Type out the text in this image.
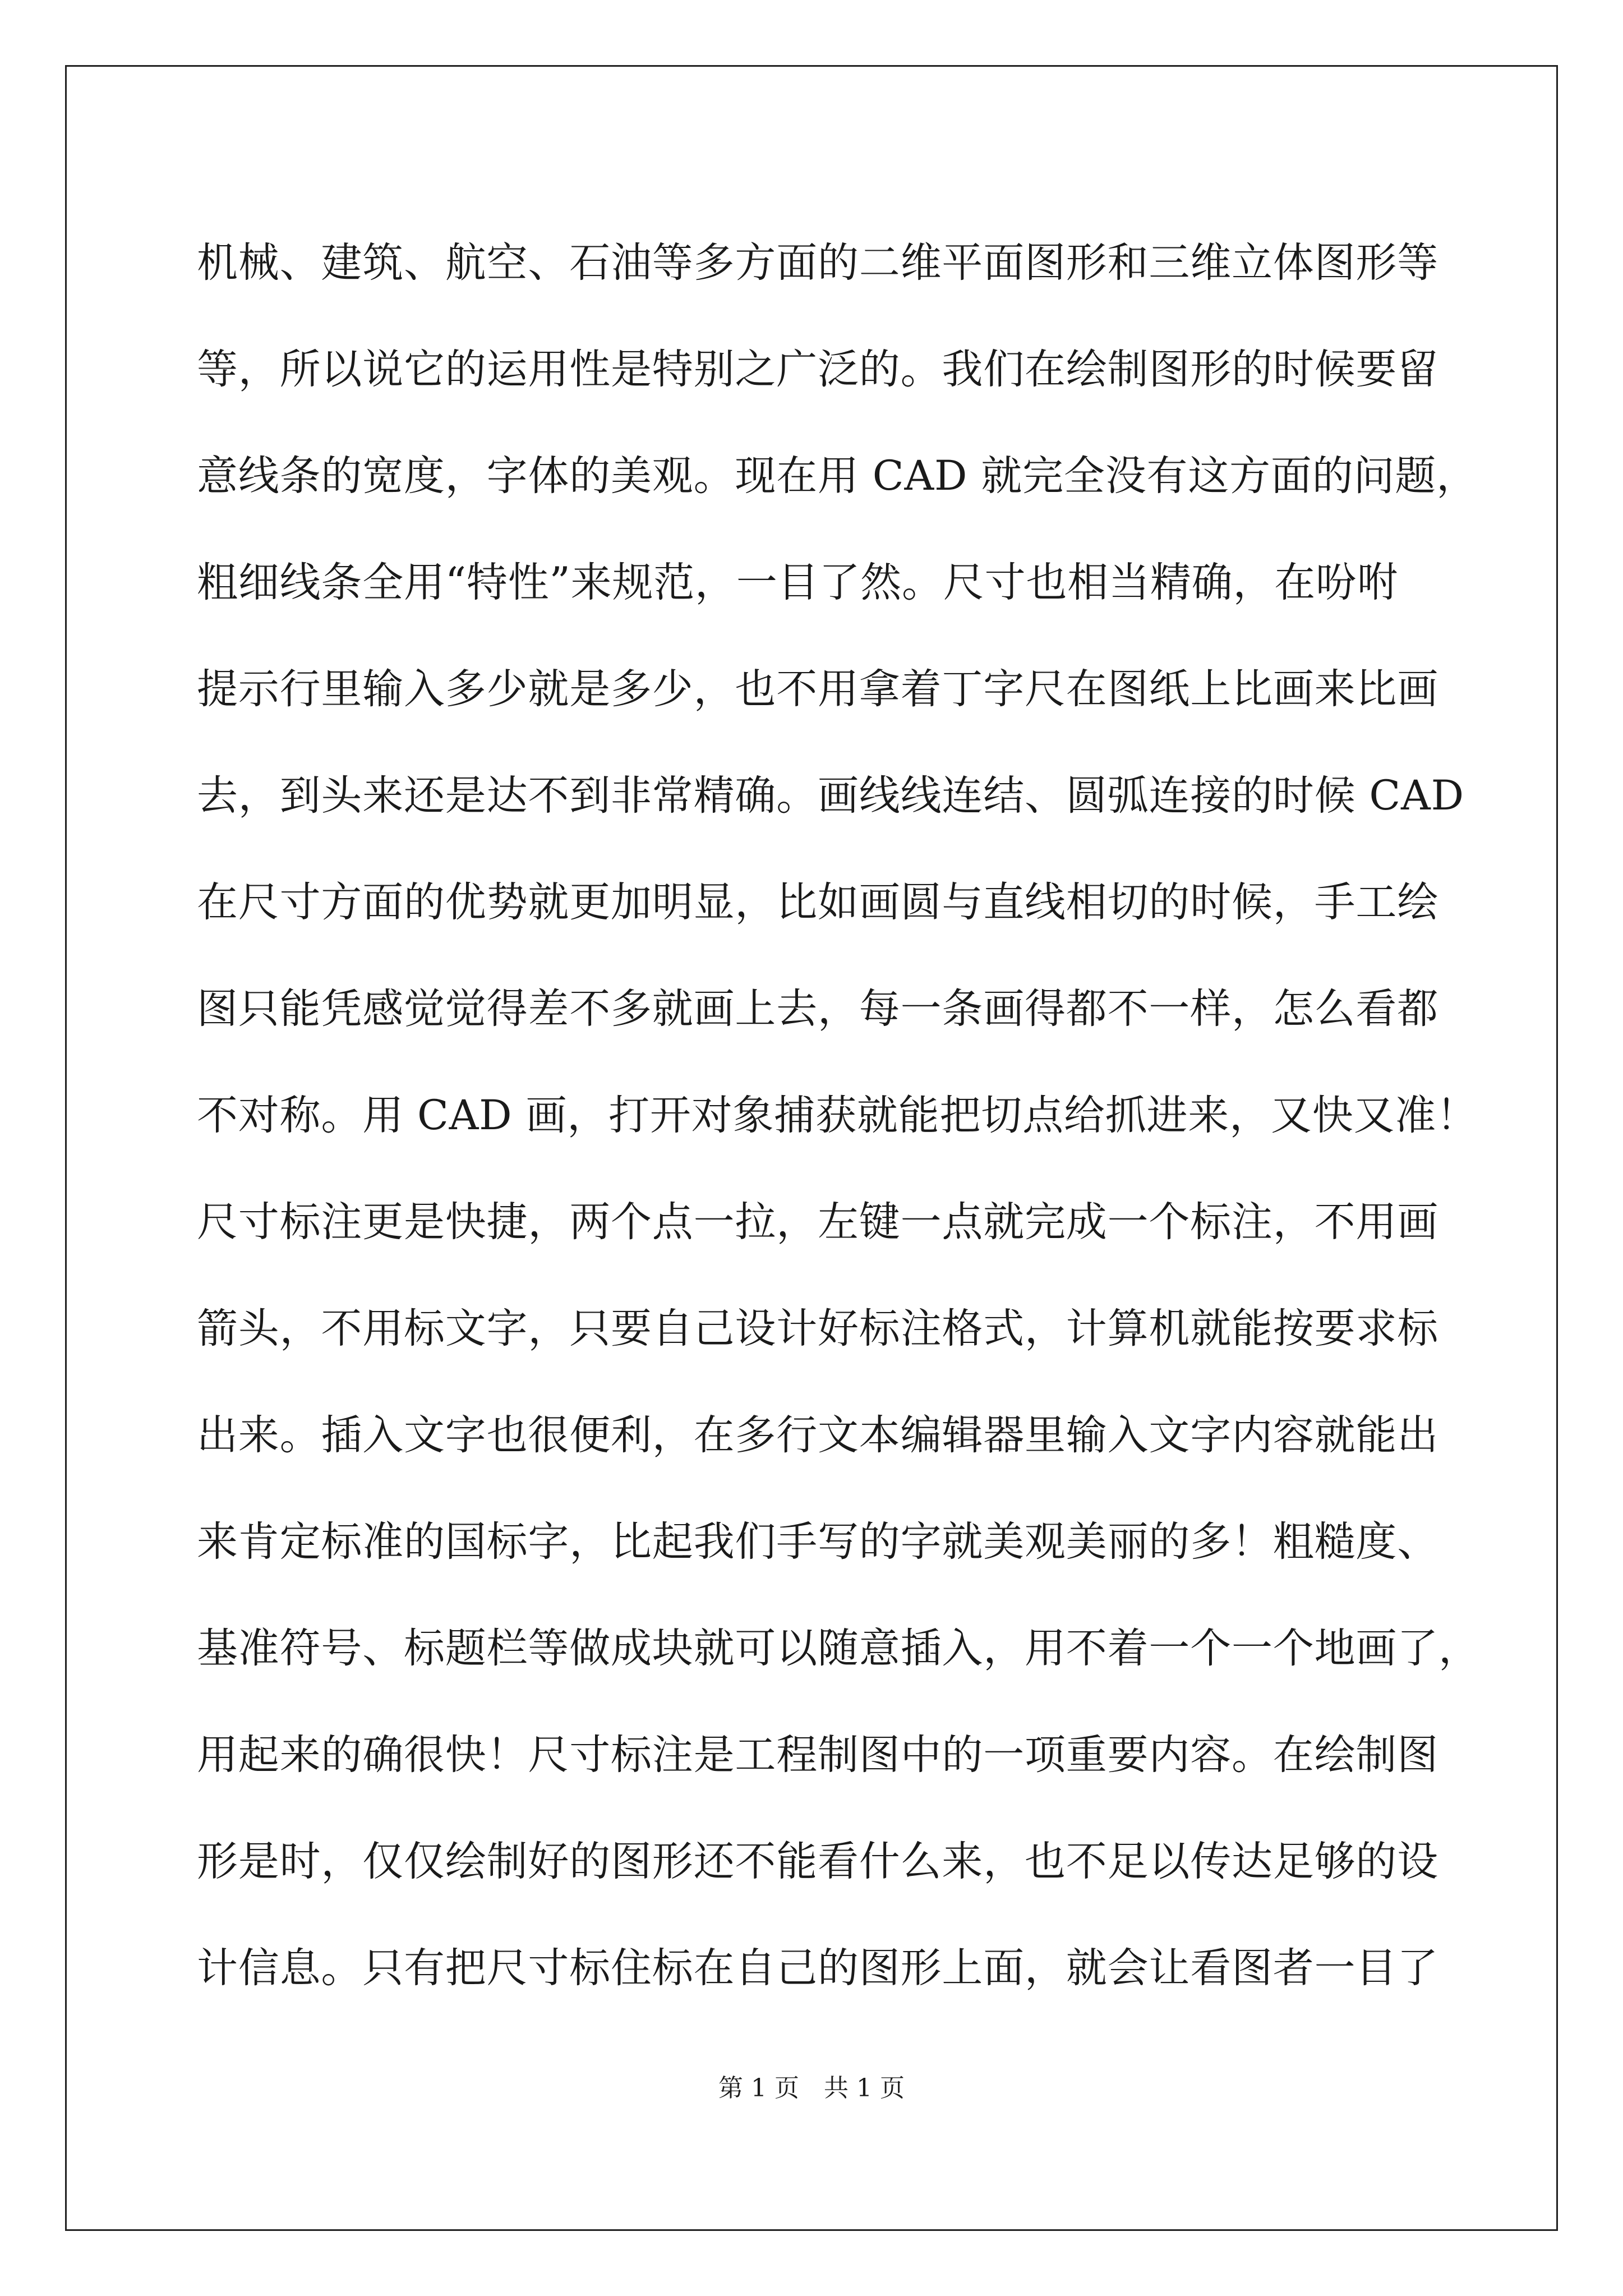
机械、建筑、航空、石油等多方面的二维平面图形和三维立体图形等
等，所以说它的运用性是特别之广泛的。我们在绘制图形的时候要留
意线条的宽度，字体的美观。现在用 CAD 就完全没有这方面的问题，
粗细线条全用“特性”来规范，一目了然。尺寸也相当精确，在吩咐
提示行里输入多少就是多少，也不用拿着丁字尺在图纸上比画来比画
去，到头来还是达不到非常精确。画线线连结、圆弧连接的时候 CAD
在尺寸方面的优势就更加明显，比如画圆与直线相切的时候，手工绘
图只能凭感觉觉得差不多就画上去，每一条画得都不一样，怎么看都
不对称。用 CAD 画，打开对象捕获就能把切点给抓进来，又快又准！
尺寸标注更是快捷，两个点一拉，左键一点就完成一个标注，不用画
箭头，不用标文字，只要自己设计好标注格式，计算机就能按要求标
出来。插入文字也很便利，在多行文本编辑器里输入文字内容就能出
来肯定标准的国标字，比起我们手写的字就美观美丽的多！粗糙度、
基准符号、标题栏等做成块就可以随意插入，用不着一个一个地画了，
用起来的确很快！尺寸标注是工程制图中的一项重要内容。在绘制图
形是时，仅仅绘制好的图形还不能看什么来，也不足以传达足够的设
计信息。只有把尺寸标住标在自己的图形上面，就会让看图者一目了
第 1 页　共 1 页
